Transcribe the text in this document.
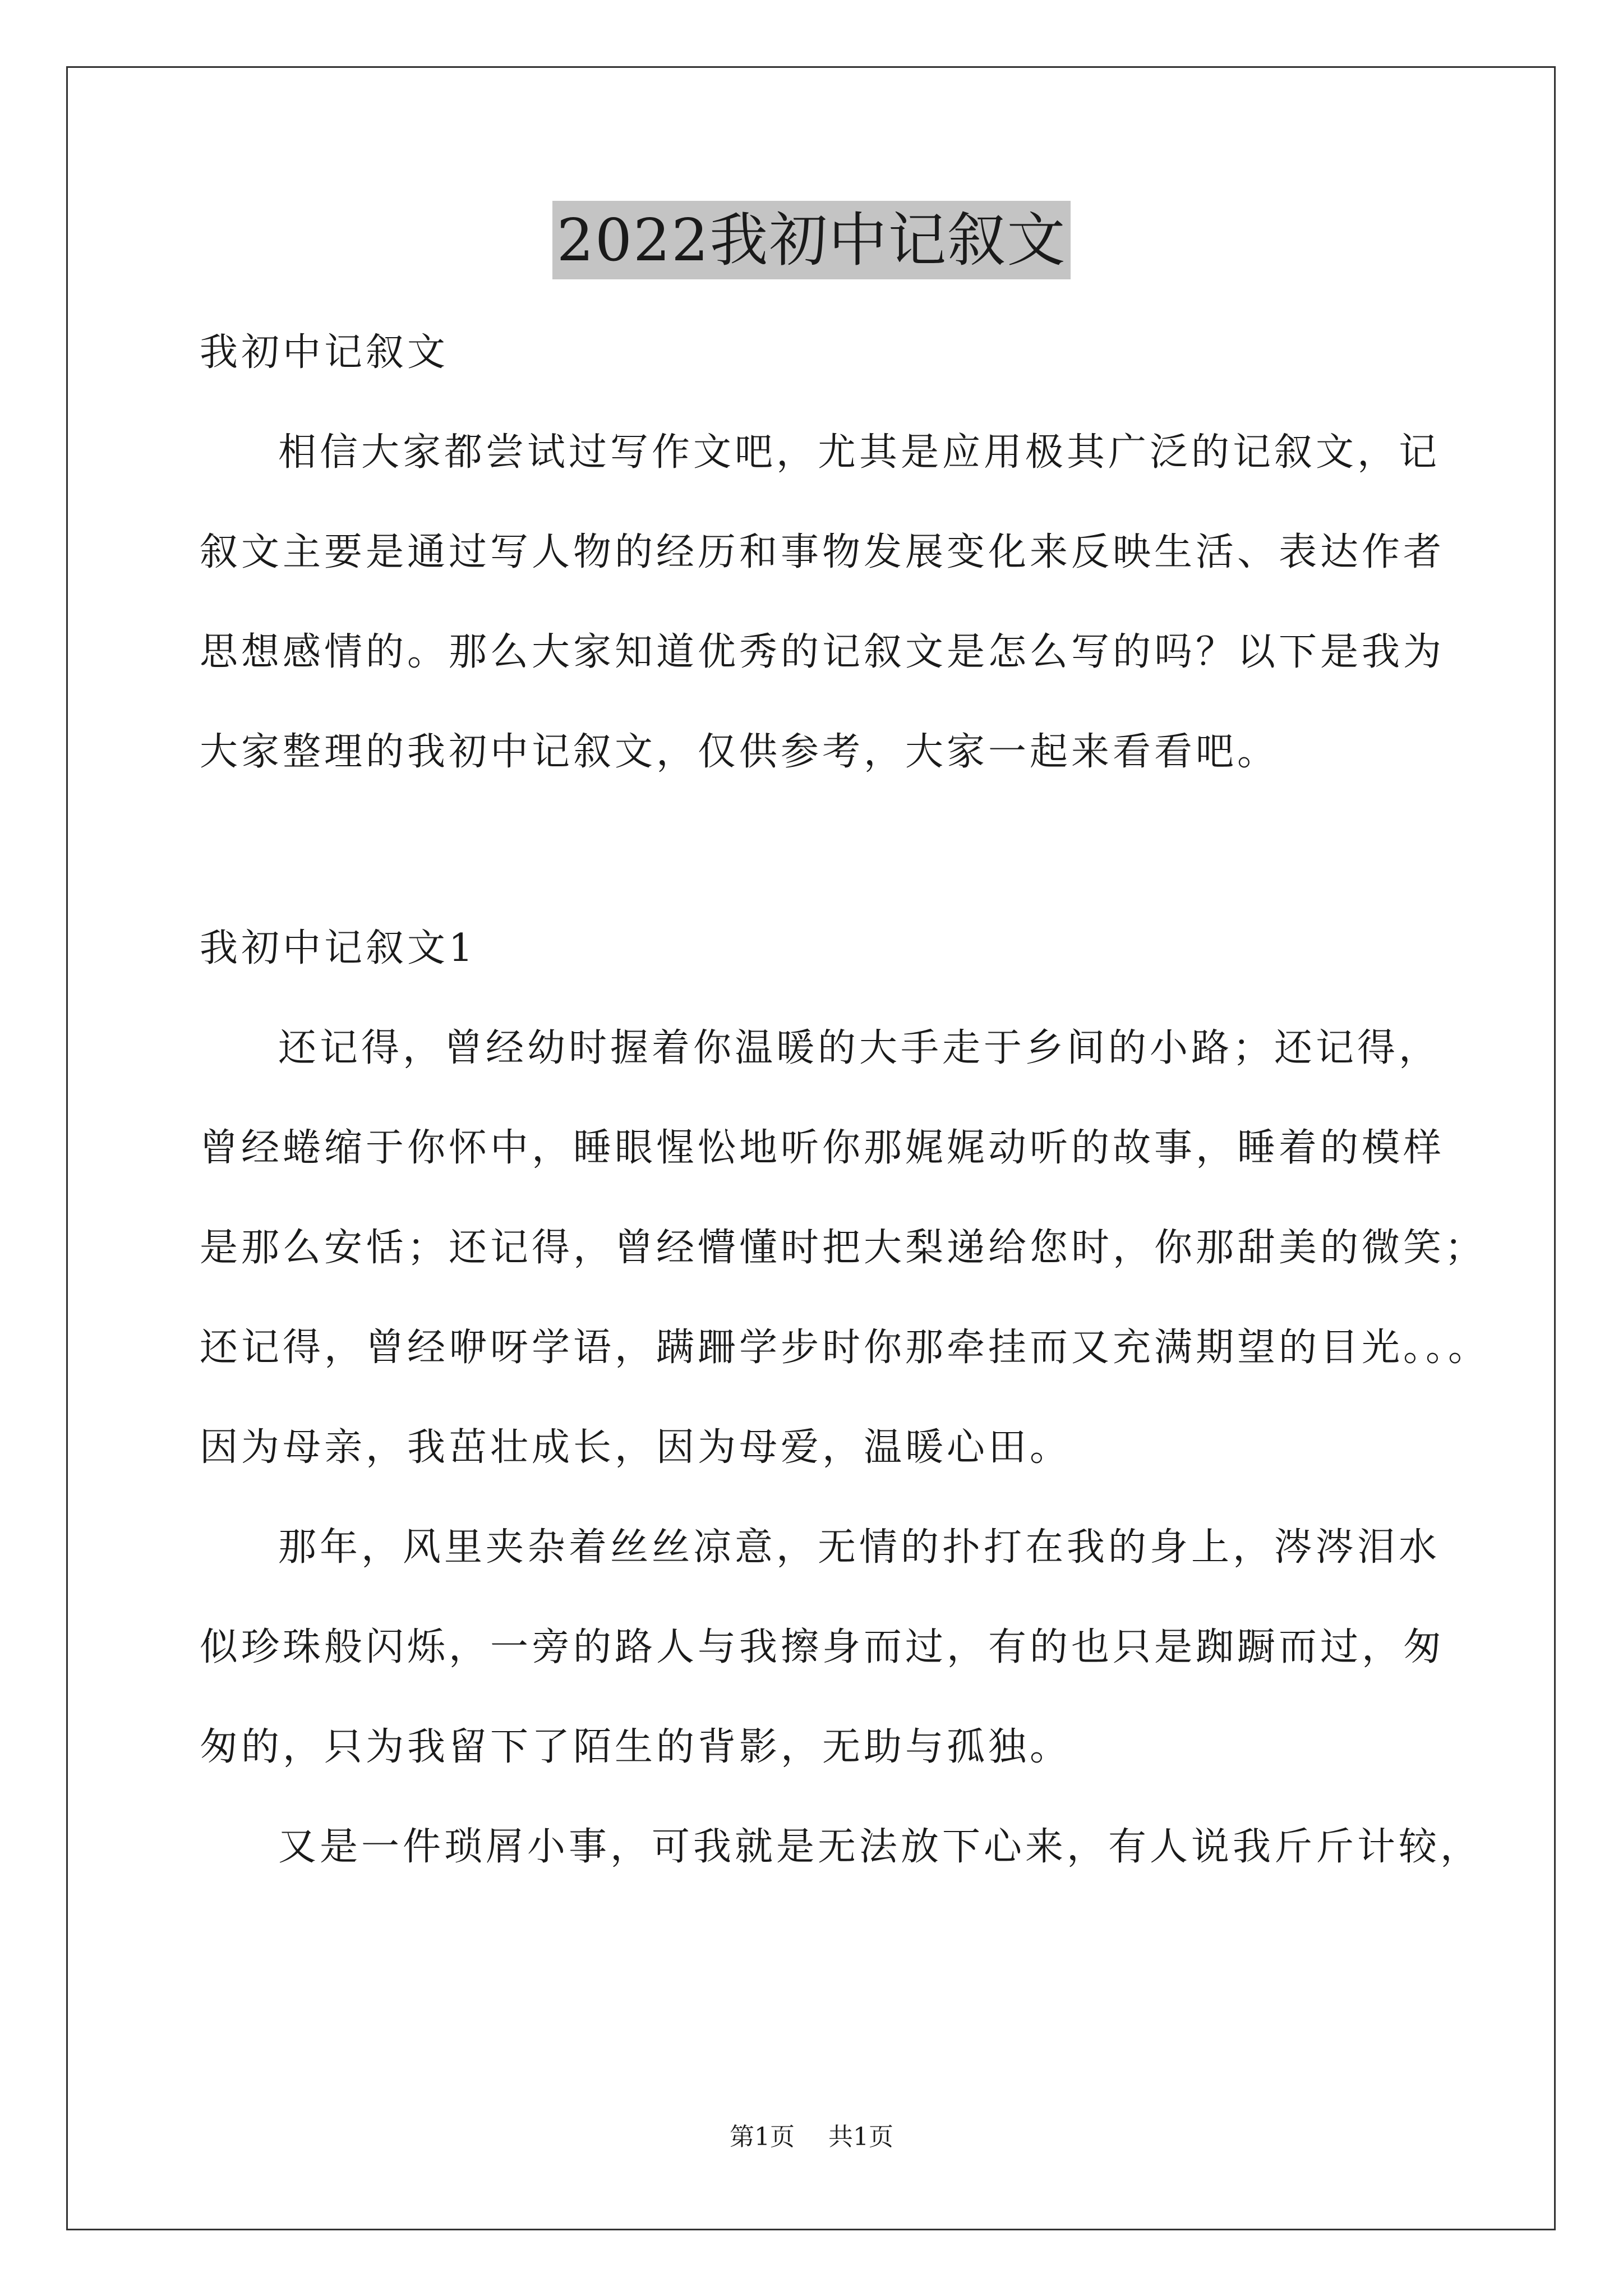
2022我初中记叙文
我初中记叙文
相信大家都尝试过写作文吧，尤其是应用极其广泛的记叙文，记
叙文主要是通过写人物的经历和事物发展变化来反映生活、表达作者
思想感情的。那么大家知道优秀的记叙文是怎么写的吗？以下是我为
大家整理的我初中记叙文，仅供参考，大家一起来看看吧。
我初中记叙文1
还记得，曾经幼时握着你温暖的大手走于乡间的小路；还记得，
曾经蜷缩于你怀中，睡眼惺忪地听你那娓娓动听的故事，睡着的模样
是那么安恬；还记得，曾经懵懂时把大梨递给您时，你那甜美的微笑；
还记得，曾经咿呀学语，蹒跚学步时你那牵挂而又充满期望的目光。。。
因为母亲，我茁壮成长，因为母爱，温暖心田。
那年，风里夹杂着丝丝凉意，无情的扑打在我的身上，涔涔泪水
似珍珠般闪烁，一旁的路人与我擦身而过，有的也只是踟蹰而过，匆
匆的，只为我留下了陌生的背影，无助与孤独。
又是一件琐屑小事，可我就是无法放下心来，有人说我斤斤计较，
第1页 共1页
